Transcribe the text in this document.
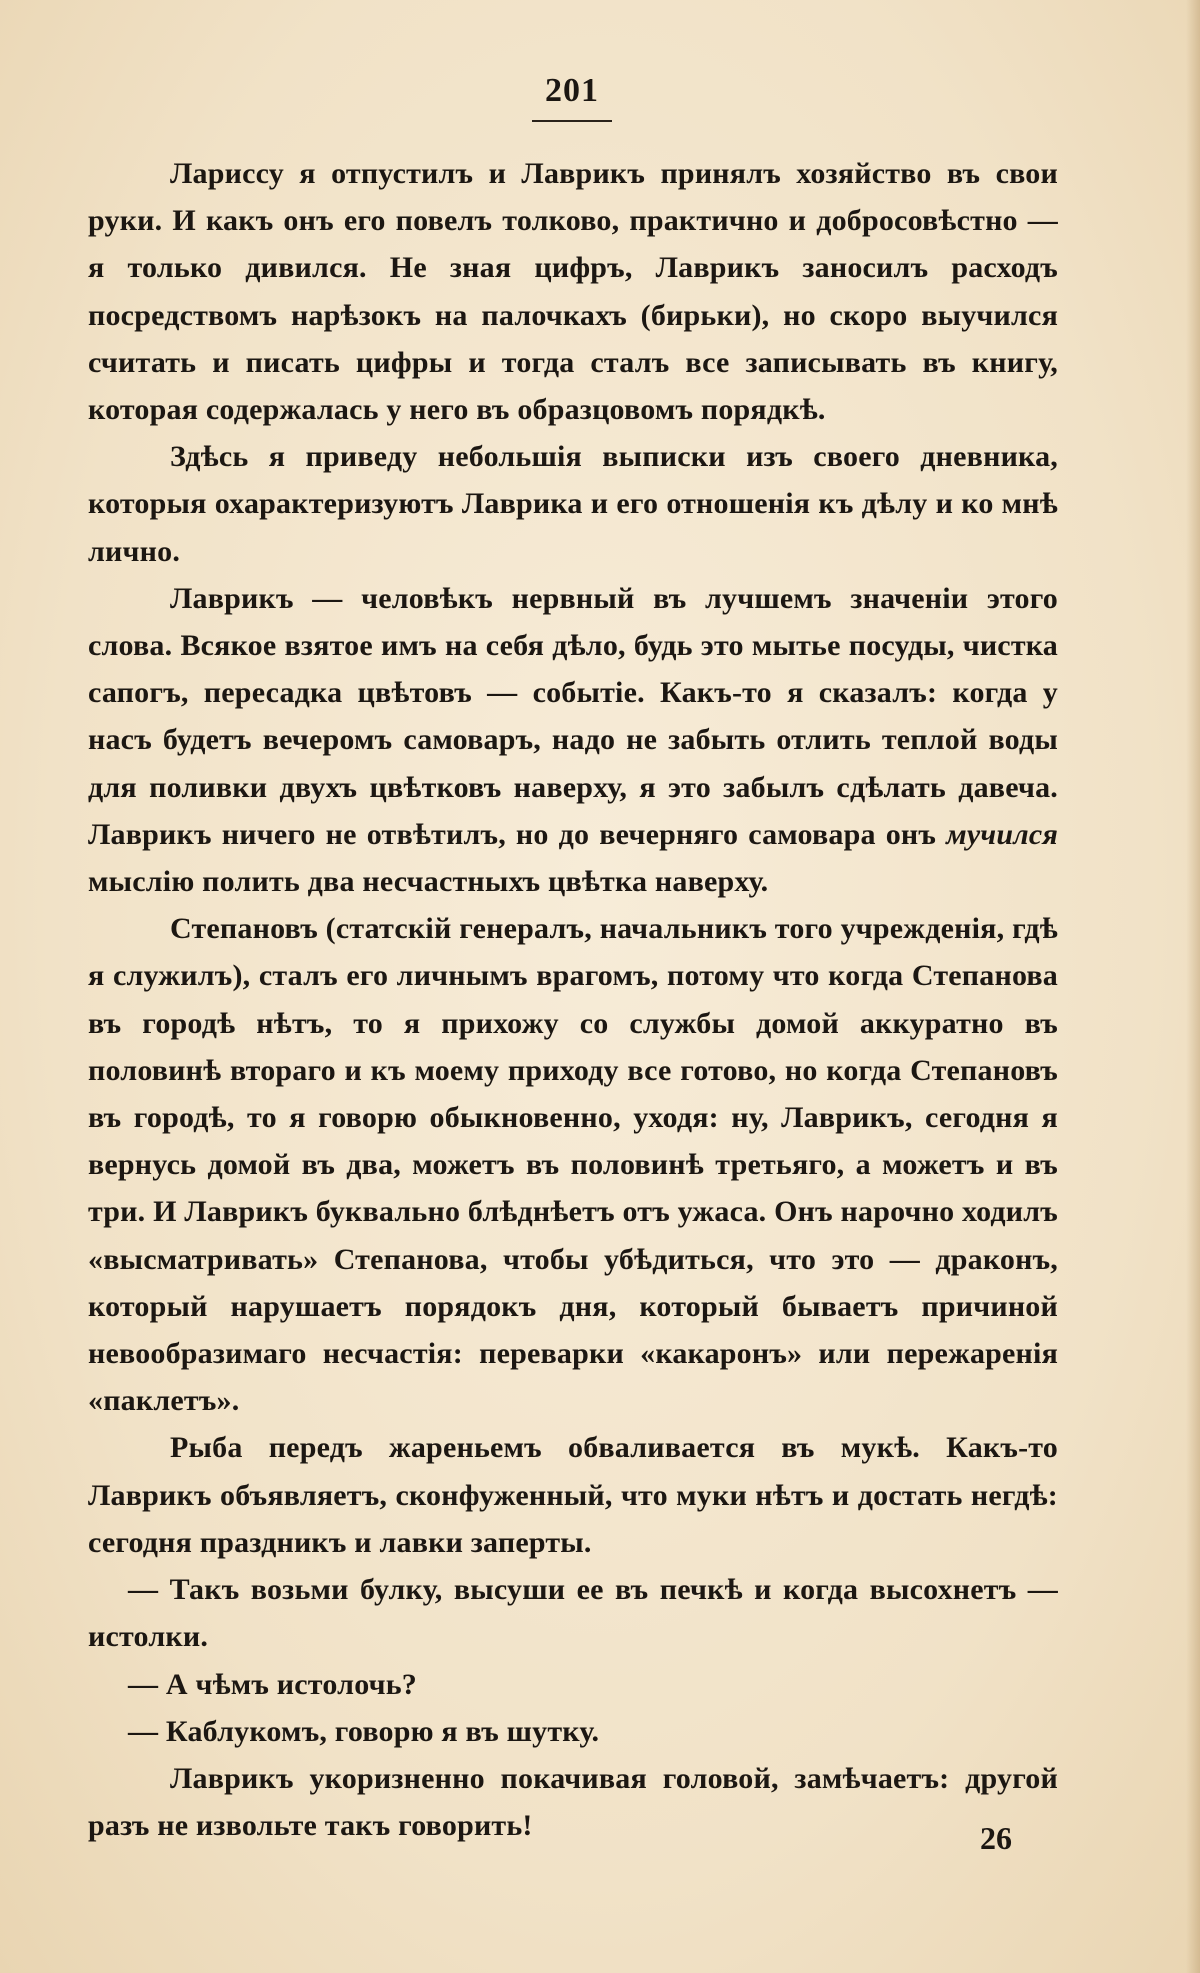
201

Лариссу я отпустилъ и Лаврикъ принялъ хозяйство въ свои руки. И какъ онъ его повелъ толково, практично и добросовѣстно — я только дивился. Не зная цифръ, Лаврикъ заносилъ расходъ посредствомъ нарѣзокъ на палочкахъ (бирьки), но скоро выучился считать и писать цифры и тогда сталъ все записывать въ книгу, которая содержалась у него въ образцовомъ порядкѣ.

Здѣсь я приведу небольшія выписки изъ своего дневника, которыя охарактеризуютъ Лаврика и его отношенія къ дѣлу и ко мнѣ лично.

Лаврикъ — человѣкъ нервный въ лучшемъ значеніи этого слова. Всякое взятое имъ на себя дѣло, будь это мытье посуды, чистка сапогъ, пересадка цвѣтовъ — событіе. Какъ-то я сказалъ: когда у насъ будетъ вечеромъ самоваръ, надо не забыть отлить теплой воды для поливки двухъ цвѣтковъ наверху, я это забылъ сдѣлать давеча. Лаврикъ ничего не отвѣтилъ, но до вечерняго самовара онъ мучился мыслію полить два несчастныхъ цвѣтка наверху.

Степановъ (статскій генералъ, начальникъ того учрежденія, гдѣ я служилъ), сталъ его личнымъ врагомъ, потому что когда Степанова въ городѣ нѣтъ, то я прихожу со службы домой аккуратно въ половинѣ втораго и къ моему приходу все готово, но когда Степановъ въ городѣ, то я говорю обыкновенно, уходя: ну, Лаврикъ, сегодня я вернусь домой въ два, можетъ въ половинѣ третьяго, а можетъ и въ три. И Лаврикъ буквально блѣднѣетъ отъ ужаса. Онъ нарочно ходилъ «высматривать» Степанова, чтобы убѣдиться, что это — драконъ, который нарушаетъ порядокъ дня, который бываетъ причиной невообразимаго несчастія: переварки «какаронъ» или пережаренія «паклетъ».

Рыба передъ жареньемъ обваливается въ мукѣ. Какъ-то Лаврикъ объявляетъ, сконфуженный, что муки нѣтъ и достать негдѣ: сегодня праздникъ и лавки заперты.

— Такъ возьми булку, высуши ее въ печкѣ и когда высохнетъ — истолки.

— А чѣмъ истолочь?

— Каблукомъ, говорю я въ шутку.

Лаврикъ укоризненно покачивая головой, замѣчаетъ: другой разъ не извольте такъ говорить!	26
